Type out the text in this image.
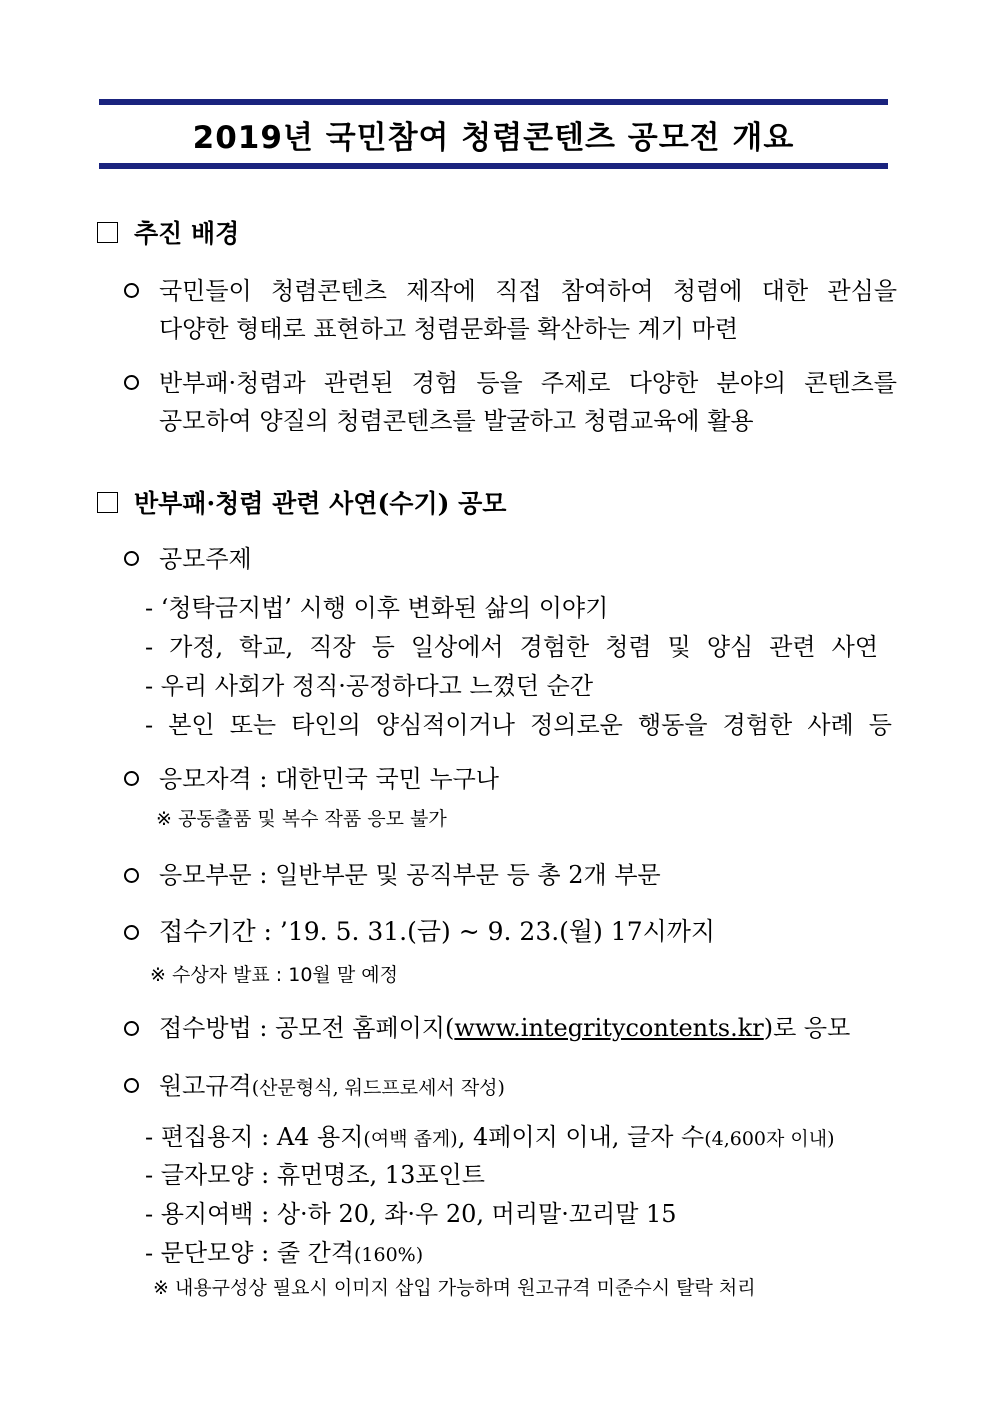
2019년 국민참여 청렴콘텐츠 공모전 개요
추진 배경
국민들이 청렴콘텐츠 제작에 직접 참여하여 청렴에 대한 관심을
다양한 형태로 표현하고 청렴문화를 확산하는 계기 마련
반부패·청렴과 관련된 경험 등을 주제로 다양한 분야의 콘텐츠를
공모하여 양질의 청렴콘텐츠를 발굴하고 청렴교육에 활용
반부패·청렴 관련 사연(수기) 공모
공모주제
- ‘청탁금지법’ 시행 이후 변화된 삶의 이야기
- 가정, 학교, 직장 등 일상에서 경험한 청렴 및 양심 관련 사연
- 우리 사회가 정직·공정하다고 느꼈던 순간
- 본인 또는 타인의 양심적이거나 정의로운 행동을 경험한 사례 등
응모자격 : 대한민국 국민 누구나
※ 공동출품 및 복수 작품 응모 불가
응모부문 : 일반부문 및 공직부문 등 총 2개 부문
접수기간 : ’19. 5. 31.(금) ~ 9. 23.(월) 17시까지
※ 수상자 발표 : 10월 말 예정
접수방법 : 공모전 홈페이지(www.integritycontents.kr)로 응모
원고규격(산문형식, 워드프로세서 작성)
- 편집용지 : A4 용지(여백 좁게), 4페이지 이내, 글자 수(4,600자 이내)
- 글자모양 : 휴먼명조, 13포인트
- 용지여백 : 상·하 20, 좌·우 20, 머리말·꼬리말 15
- 문단모양 : 줄 간격(160%)
※ 내용구성상 필요시 이미지 삽입 가능하며 원고규격 미준수시 탈락 처리
